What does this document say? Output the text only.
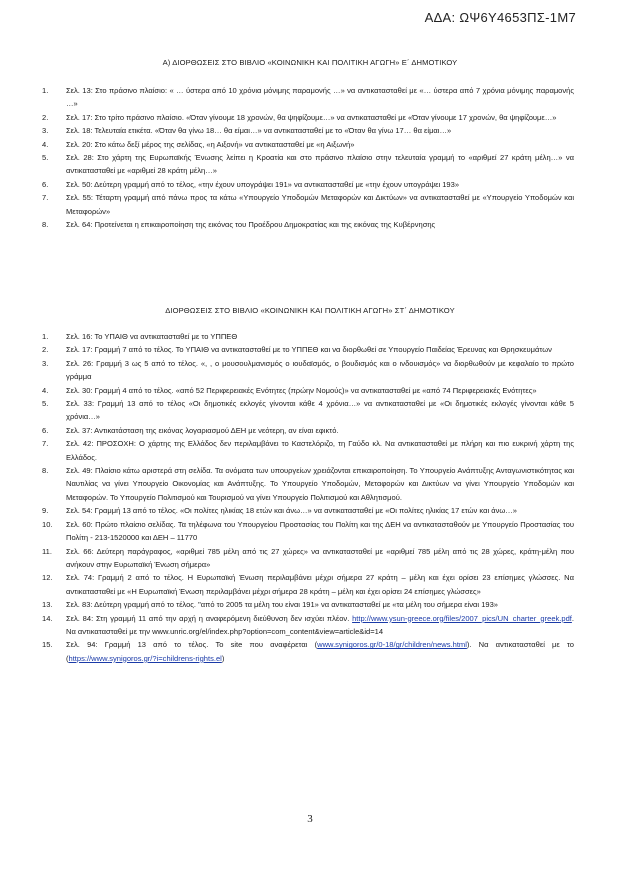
ΑΔΑ: ΩΨ6Υ4653ΠΣ-1Μ7
Α) ΔΙΟΡΘΩΣΕΙΣ ΣΤΟ ΒΙΒΛΙΟ «ΚΟΙΝΩΝΙΚΗ ΚΑΙ ΠΟΛΙΤΙΚΗ ΑΓΩΓΗ» Ε΄ ΔΗΜΟΤΙΚΟΥ
1. Σελ. 13: Στο πράσινο πλαίσιο: « … ύστερα από 10 χρόνια μόνιμης παραμονής …» να αντικατασταθεί με «… ύστερα από 7 χρόνια μόνιμης παραμονής …»
2. Σελ. 17: Στο τρίτο πράσινο πλαίσιο. «Όταν γίνουμε 18 χρονών, θα ψηφίζουμε…» να αντικατασταθεί με «Όταν γίνουμε 17 χρονών, θα ψηφίζουμε…»
3. Σελ. 18: Τελευταία ετικέτα. «Όταν θα γίνω 18… θα είμαι…» να αντικατασταθεί με το «Όταν θα γίνω 17… θα είμαι…»
4. Σελ. 20: Στο κάτω δεξί μέρος της σελίδας, «η Αιξονή» να αντικατασταθεί με «η Αιξωνή»
5. Σελ. 28: Στο χάρτη της Ευρωπαϊκής Ένωσης λείπει η Κροατία και στο πράσινο πλαίσιο στην τελευταία γραμμή το «αριθμεί 27 κράτη μέλη…» να αντικατασταθεί με «αριθμεί 28 κράτη μέλη…»
6. Σελ. 50: Δεύτερη γραμμή από το τέλος, «την έχουν υπογράψει 191» να αντικατασταθεί με «την έχουν υπογράψει 193»
7. Σελ. 55: Τέταρτη γραμμή από πάνω προς τα κάτω «Υπουργείο Υποδομών Μεταφορών και Δικτύων» να αντικατασταθεί με «Υπουργείο Υποδομών και Μεταφορών»
8. Σελ. 64: Προτείνεται η επικαιροποίηση της εικόνας του Προέδρου Δημοκρατίας και της εικόνας της Κυβέρνησης
ΔΙΟΡΘΩΣΕΙΣ ΣΤΟ ΒΙΒΛΙΟ «ΚΟΙΝΩΝΙΚΗ ΚΑΙ ΠΟΛΙΤΙΚΗ ΑΓΩΓΗ» ΣΤ΄ ΔΗΜΟΤΙΚΟΥ
1. Σελ. 16: Το ΥΠΑΙΘ να αντικατασταθεί με το ΥΠΠΕΘ
2. Σελ. 17: Γραμμή 7 από το τέλος. Το ΥΠΑΙΘ να αντικατασταθεί με το ΥΠΠΕΘ και να διορθωθεί σε Υπουργείο Παιδείας Έρευνας και Θρησκευμάτων
3. Σελ. 26: Γραμμή 3 ως 5 από το τέλος. «, , ο μουσουλμανισμός ο ιουδαϊσμός, ο βουδισμός και ο ινδουισμός» να διορθωθούν με κεφαλαίο το πρώτο γράμμα
4. Σελ. 30: Γραμμή 4 από το τέλος. «από 52 Περιφερειακές Ενότητες (πρώην Νομούς)» να αντικατασταθεί με «από 74 Περιφερειακές Ενότητες»
5. Σελ. 33: Γραμμή 13 από το τέλος «Οι δημοτικές εκλογές γίνονται κάθε 4 χρόνια…» να αντικατασταθεί με «Οι δημοτικές εκλογές γίνονται κάθε 5 χρόνια…»
6. Σελ. 37: Αντικατάσταση της εικόνας λογαριασμού ΔΕΗ με νεότερη, αν είναι εφικτό.
7. Σελ. 42: ΠΡΟΣΟΧΗ: Ο χάρτης της Ελλάδος δεν περιλαμβάνει το Καστελόριζο, τη Γαύδο κλ. Να αντικατασταθεί με πλήρη και πιο ευκρινή χάρτη της Ελλάδος.
8. Σελ. 49: Πλαίσιο κάτω αριστερά στη σελίδα. Τα ονόματα των υπουργείων χρειάζονται επικαιροποίηση. Το Υπουργείο Ανάπτυξης Ανταγωνιστικότητας και Ναυτιλίας να γίνει Υπουργείο Οικονομίας και Ανάπτυξης. Το Υπουργείο Υποδομών, Μεταφορών και Δικτύων να γίνει Υπουργείο Υποδομών και Μεταφορών. Το Υπουργείο Πολιτισμού και Τουρισμού να γίνει Υπουργείο Πολιτισμού και Αθλητισμού.
9. Σελ. 54: Γραμμή 13 από το τέλος. «Οι πολίτες ηλικίας 18 ετών και άνω…» να αντικατασταθεί με «Οι πολίτες ηλικίας 17 ετών και άνω…»
10. Σελ. 60: Πρώτο πλαίσιο σελίδας. Τα τηλέφωνα του Υπουργείου Προστασίας του Πολίτη και της ΔΕΗ να αντικατασταθούν με Υπουργείο Προστασίας του Πολίτη - 213-1520000 και ΔΕΗ – 11770
11. Σελ. 66: Δεύτερη παράγραφος, «αριθμεί 785 μέλη από τις 27 χώρες» να αντικατασταθεί με «αριθμεί 785 μέλη από τις 28 χώρες, κράτη-μέλη που ανήκουν στην Ευρωπαϊκή Ένωση σήμερα»
12. Σελ. 74: Γραμμή 2 από το τέλος. Η Ευρωπαϊκή Ένωση περιλαμβάνει μέχρι σήμερα 27 κράτη – μέλη και έχει ορίσει 23 επίσημες γλώσσες. Να αντικατασταθεί με «Η Ευρωπαϊκή Ένωση περιλαμβάνει μέχρι σήμερα 28 κράτη – μέλη και έχει ορίσει 24 επίσημες γλώσσες»
13. Σελ. 83: Δεύτερη γραμμή από το τέλος. "από το 2005 τα μέλη του είναι 191» να αντικατασταθεί με «τα μέλη του σήμερα είναι 193»
14. Σελ. 84: Στη γραμμή 11 από την αρχή η αναφερόμενη διεύθυνση δεν ισχύει πλέον. http://www.ysun-greece.org/files/2007_pics/UN_charter_greek.pdf. Να αντικατασταθεί με την www.unric.org/el/index.php?option=com_content&view=article&id=14
15. Σελ. 94: Γραμμή 13 από το τέλος. To site που αναφέρεται (www.synigoros.gr/0-18/gr/children/news.html). Να αντικατασταθεί με το (https://www.synigoros.gr/?i=childrens-rights.el)
3
